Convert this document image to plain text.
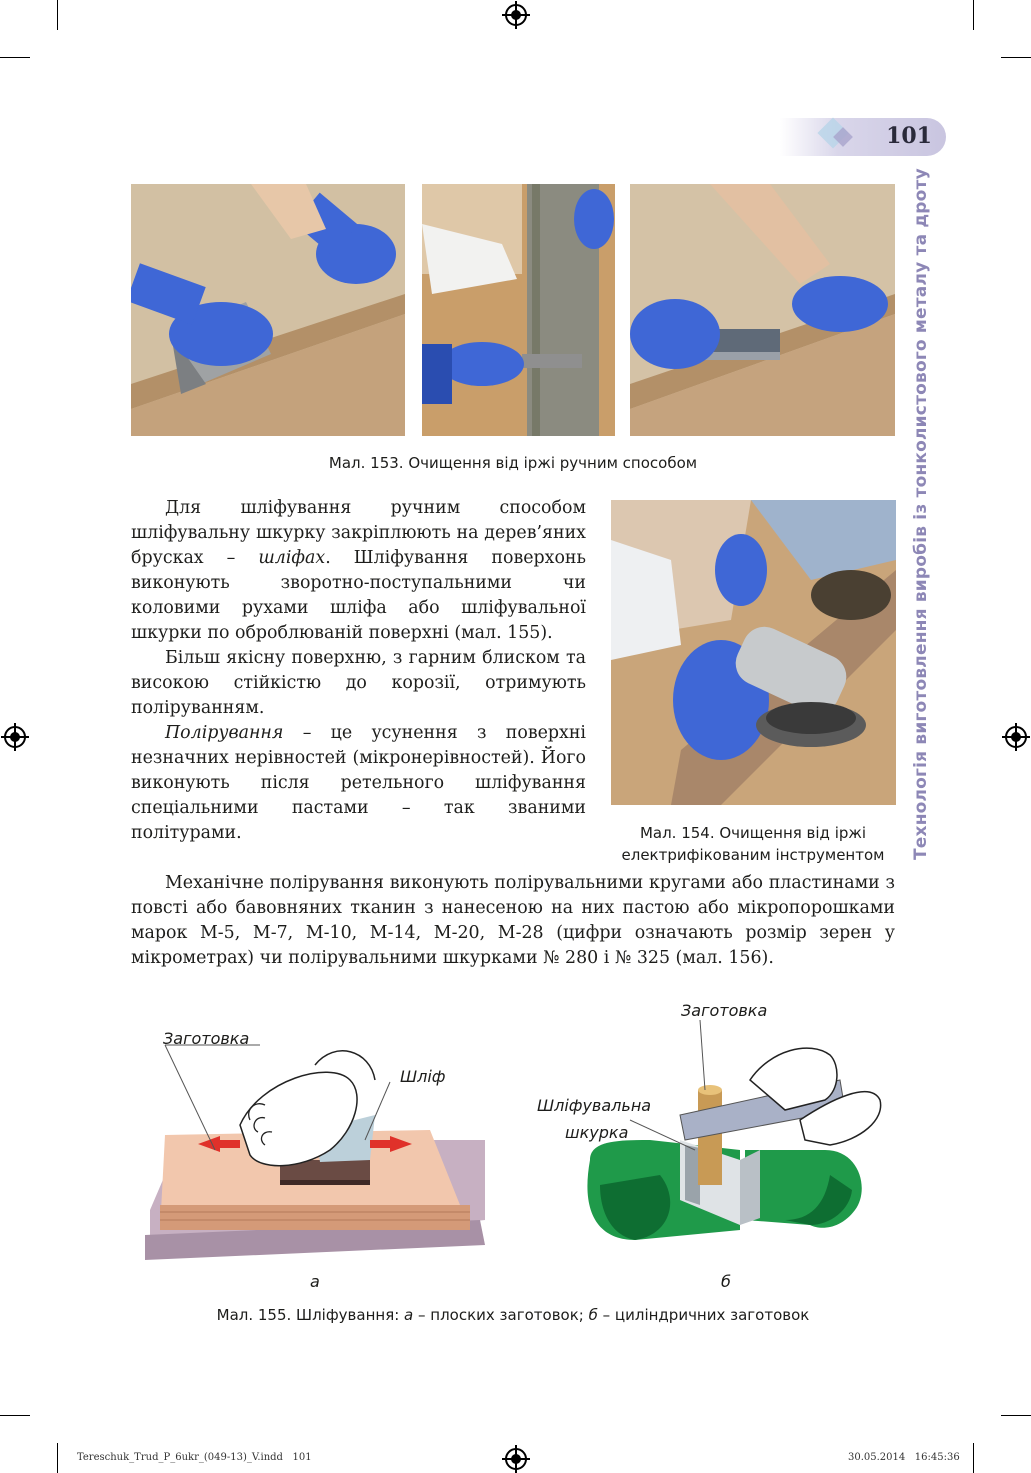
101
Технологія виготовлення виробів із тонколистового металу та дроту
Мал. 153. Очищення від іржі ручним способом
Мал. 154. Очищення від іржі
електрифікованим інструментом

Для шліфування ручним способом шліфувальну шкурку закріплюють на дерев’яних брусках – шліфах. Шліфування поверхонь виконують зворотно-поступальними чи коловими рухами шліфа або шліфувальної шкурки по оброблюваній поверхні (мал. 155).

Більш якісну поверхню, з гарним блиском та високою стійкістю до корозії, отримують поліруванням.

Полірування – це усунення з поверхні незначних нерівностей (мікронерівностей). Його виконують після ретельного шліфування спеціальними пастами – так званими політурами.

Механічне полірування виконують полірувальними кругами або пластинами з повсті або бавовняних тканин з нанесеною на них пастою або мікропорошками марок М-5, М-7, М-10, М-14, М-20, М-28 (цифри означають розмір зерен у мікрометрах) чи полірувальними шкурками № 280 і № 325 (мал. 156).

Заготовка
Шліф
Заготовка
Шліфувальна
шкурка
а	б
Мал. 155. Шліфування: а – плоских заготовок; б – циліндричних заготовок
Tereschuk_Trud_P_6ukr_(049-13)_V.indd   101	30.05.2014   16:45:36
